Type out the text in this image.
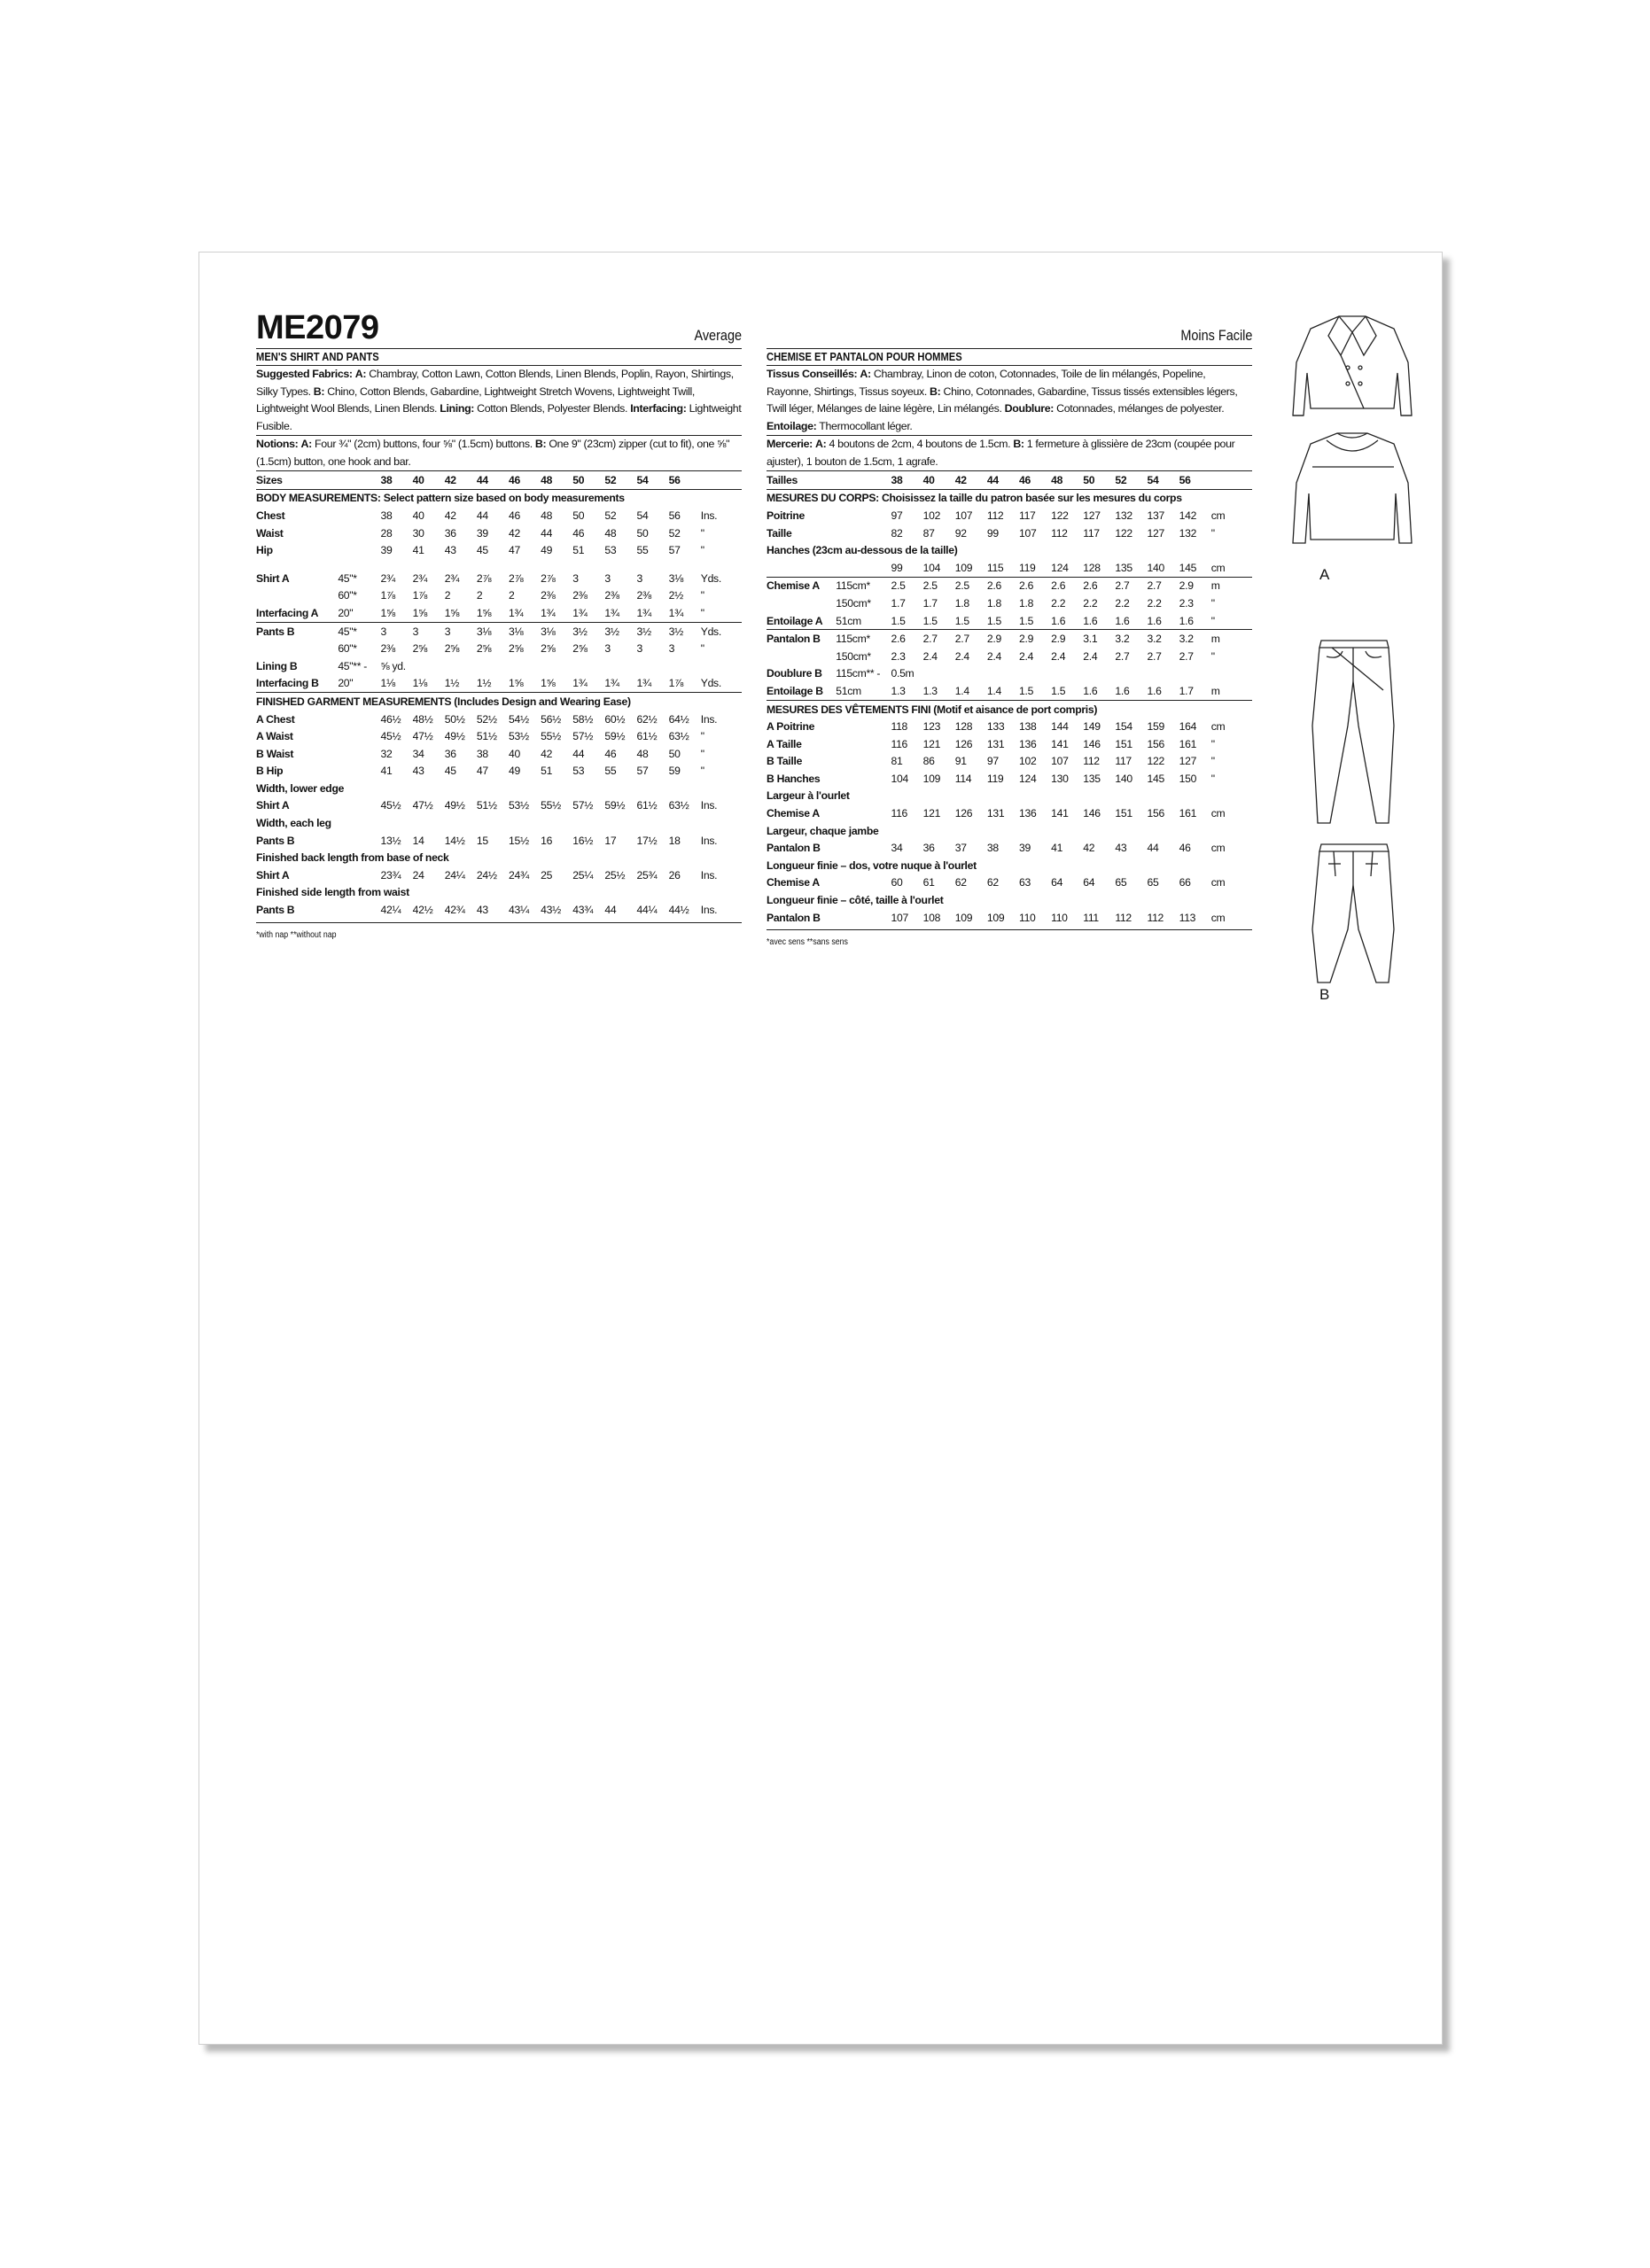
ME2079	Average
MEN'S SHIRT AND PANTS
Suggested Fabrics: A: Chambray, Cotton Lawn, Cotton Blends, Linen Blends, Poplin, Rayon, Shirtings, Silky Types. B: Chino, Cotton Blends, Gabardine, Lightweight Stretch Wovens, Lightweight Twill, Lightweight Wool Blends, Linen Blends. Lining: Cotton Blends, Polyester Blends. Interfacing: Lightweight Fusible.
Notions: A: Four ¾" (2cm) buttons, four ⅝" (1.5cm) buttons. B: One 9" (23cm) zipper (cut to fit), one ⅝" (1.5cm) button, one hook and bar.
Sizes		38	40	42	44	46	48	50	52	54	56	
BODY MEASUREMENTS: Select pattern size based on body measurements												
Chest		38	40	42	44	46	48	50	52	54	56	Ins.
Waist		28	30	36	39	42	44	46	48	50	52	"
Hip		39	41	43	45	47	49	51	53	55	57	"

Shirt A	45"*	2¾	2¾	2¾	2⅞	2⅞	2⅞	3	3	3	3⅛	Yds.
	60"*	1⅞	1⅞	2	2	2	2⅜	2⅜	2⅜	2⅜	2½	"
Interfacing A	20"	1⅝	1⅝	1⅝	1⅝	1¾	1¾	1¾	1¾	1¾	1¾	"
Pants B	45"*	3	3	3	3⅛	3⅛	3⅛	3½	3½	3½	3½	Yds.
	60"*	2⅜	2⅝	2⅝	2⅝	2⅝	2⅝	2⅝	3	3	3	"
Lining B	45"** -	⅝ yd.										
Interfacing B	20"	1⅛	1⅛	1½	1½	1⅝	1⅝	1¾	1¾	1¾	1⅞	Yds.
FINISHED GARMENT MEASUREMENTS (Includes Design and Wearing Ease)												
A Chest		46½	48½	50½	52½	54½	56½	58½	60½	62½	64½	Ins.
A Waist		45½	47½	49½	51½	53½	55½	57½	59½	61½	63½	"
B Waist		32	34	36	38	40	42	44	46	48	50	"
B Hip		41	43	45	47	49	51	53	55	57	59	"
Width, lower edge												
Shirt A		45½	47½	49½	51½	53½	55½	57½	59½	61½	63½	Ins.
Width, each leg												
Pants B		13½	14	14½	15	15½	16	16½	17	17½	18	Ins.
Finished back length from base of neck												
Shirt A		23¾	24	24¼	24½	24¾	25	25¼	25½	25¾	26	Ins.
Finished side length from waist												
Pants B		42¼	42½	42¾	43	43¼	43½	43¾	44	44¼	44½	Ins.
*with nap **without nap
Moins Facile
CHEMISE ET PANTALON POUR HOMMES
Tissus Conseillés: A: Chambray, Linon de coton, Cotonnades, Toile de lin mélangés, Popeline, Rayonne, Shirtings, Tissus soyeux. B: Chino, Cotonnades, Gabardine, Tissus tissés extensibles légers, Twill léger, Mélanges de laine légère, Lin mélangés. Doublure: Cotonnades, mélanges de polyester. Entoilage: Thermocollant léger.
Mercerie: A: 4 boutons de 2cm, 4 boutons de 1.5cm. B: 1 fermeture à glissière de 23cm (coupée pour ajuster), 1 bouton de 1.5cm, 1 agrafe.
Tailles		38	40	42	44	46	48	50	52	54	56	
MESURES DU CORPS: Choisissez la taille du patron basée sur les mesures du corps												
Poitrine		97	102	107	112	117	122	127	132	137	142	cm
Taille		82	87	92	99	107	112	117	122	127	132	"
Hanches (23cm au-dessous de la taille)												
		99	104	109	115	119	124	128	135	140	145	cm
Chemise A	115cm*	2.5	2.5	2.5	2.6	2.6	2.6	2.6	2.7	2.7	2.9	m
	150cm*	1.7	1.7	1.8	1.8	1.8	2.2	2.2	2.2	2.2	2.3	"
Entoilage A	51cm	1.5	1.5	1.5	1.5	1.5	1.6	1.6	1.6	1.6	1.6	"
Pantalon B	115cm*	2.6	2.7	2.7	2.9	2.9	2.9	3.1	3.2	3.2	3.2	m
	150cm*	2.3	2.4	2.4	2.4	2.4	2.4	2.4	2.7	2.7	2.7	"
Doublure B	115cm** -	0.5m										
Entoilage B	51cm	1.3	1.3	1.4	1.4	1.5	1.5	1.6	1.6	1.6	1.7	m
MESURES DES VÊTEMENTS FINI (Motif et aisance de port compris)												
A Poitrine		118	123	128	133	138	144	149	154	159	164	cm
A Taille		116	121	126	131	136	141	146	151	156	161	"
B Taille		81	86	91	97	102	107	112	117	122	127	"
B Hanches		104	109	114	119	124	130	135	140	145	150	"
Largeur à l'ourlet												
Chemise A		116	121	126	131	136	141	146	151	156	161	cm
Largeur, chaque jambe												
Pantalon B		34	36	37	38	39	41	42	43	44	46	cm
Longueur finie – dos, votre nuque à l'ourlet												
Chemise A		60	61	62	62	63	64	64	65	65	66	cm
Longueur finie – côté, taille à l'ourlet												
Pantalon B		107	108	109	109	110	110	111	112	112	113	cm
*avec sens **sans sens
A
B
